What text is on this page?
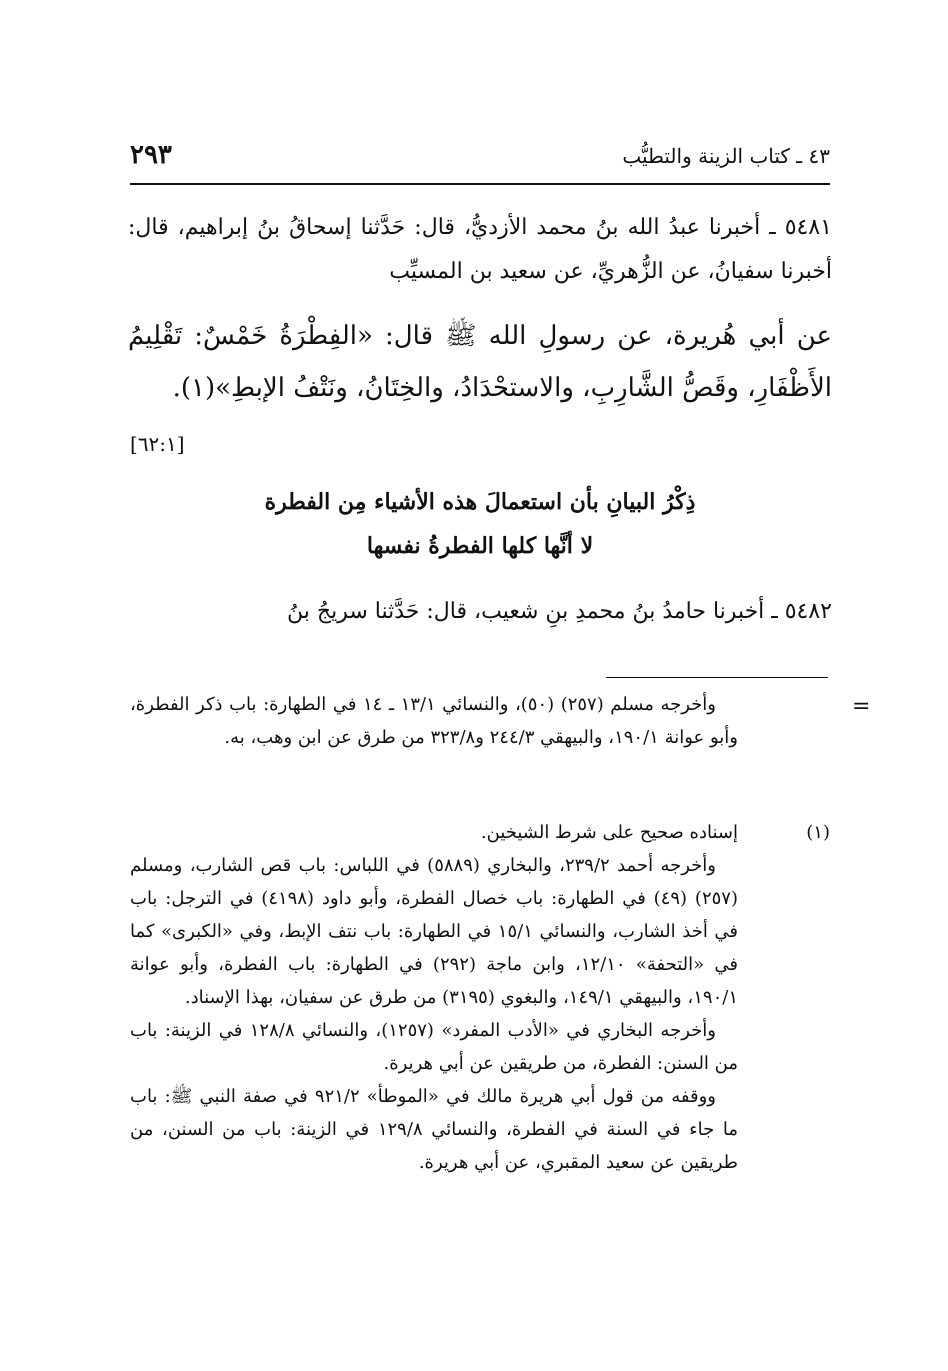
٢٩٣	٤٣ ـ كتاب الزينة والتطيُّب
٥٤٨١ ـ أخبرنا عبدُ الله بنُ محمد الأزديُّ، قال: حَدَّثنا إسحاقُ بنُ إبراهيم، قال: أخبرنا سفيانُ، عن الزُّهريِّ، عن سعيد بن المسيِّب
عن أبي هُريرة، عن رسولِ الله ﷺ قال: «الفِطْرَةُ خَمْسٌ: تَقْلِيمُ الأَظْفَارِ، وقَصُّ الشَّارِبِ، والاستحْدَادُ، والخِتَانُ، ونَتْفُ الإبطِ»(١).
[٦٢:١]
ذِكْرُ البيانِ بأن استعمالَ هذه الأشياء مِن الفطرة
لا أنَّها كلها الفطرةُ نفسها
٥٤٨٢ ـ أخبرنا حامدُ بنُ محمدِ بنِ شعيب، قال: حَدَّثنا سريجُ بنُ
=
وأخرجه مسلم (٢٥٧) (٥٠)، والنسائي ١٣/١ ـ ١٤ في الطهارة: باب ذكر الفطرة، وأبو عوانة ١٩٠/١، والبيهقي ٢٤٤/٣ و٣٢٣/٨ من طرق عن ابن وهب، به.
(١)
إسناده صحيح على شرط الشيخين.
وأخرجه أحمد ٢٣٩/٢، والبخاري (٥٨٨٩) في اللباس: باب قص الشارب، ومسلم (٢٥٧) (٤٩) في الطهارة: باب خصال الفطرة، وأبو داود (٤١٩٨) في الترجل: باب في أخذ الشارب، والنسائي ١٥/١ في الطهارة: باب نتف الإبط، وفي «الكبرى» كما في «التحفة» ١٢/١٠، وابن ماجة (٢٩٢) في الطهارة: باب الفطرة، وأبو عوانة ١٩٠/١، والبيهقي ١٤٩/١، والبغوي (٣١٩٥) من طرق عن سفيان، بهذا الإسناد.
وأخرجه البخاري في «الأدب المفرد» (١٢٥٧)، والنسائي ١٢٨/٨ في الزينة: باب من السنن: الفطرة، من طريقين عن أبي هريرة.
ووقفه من قول أبي هريرة مالك في «الموطأ» ٩٢١/٢ في صفة النبي ﷺ: باب ما جاء في السنة في الفطرة، والنسائي ١٢٩/٨ في الزينة: باب من السنن، من طريقين عن سعيد المقبري، عن أبي هريرة.
